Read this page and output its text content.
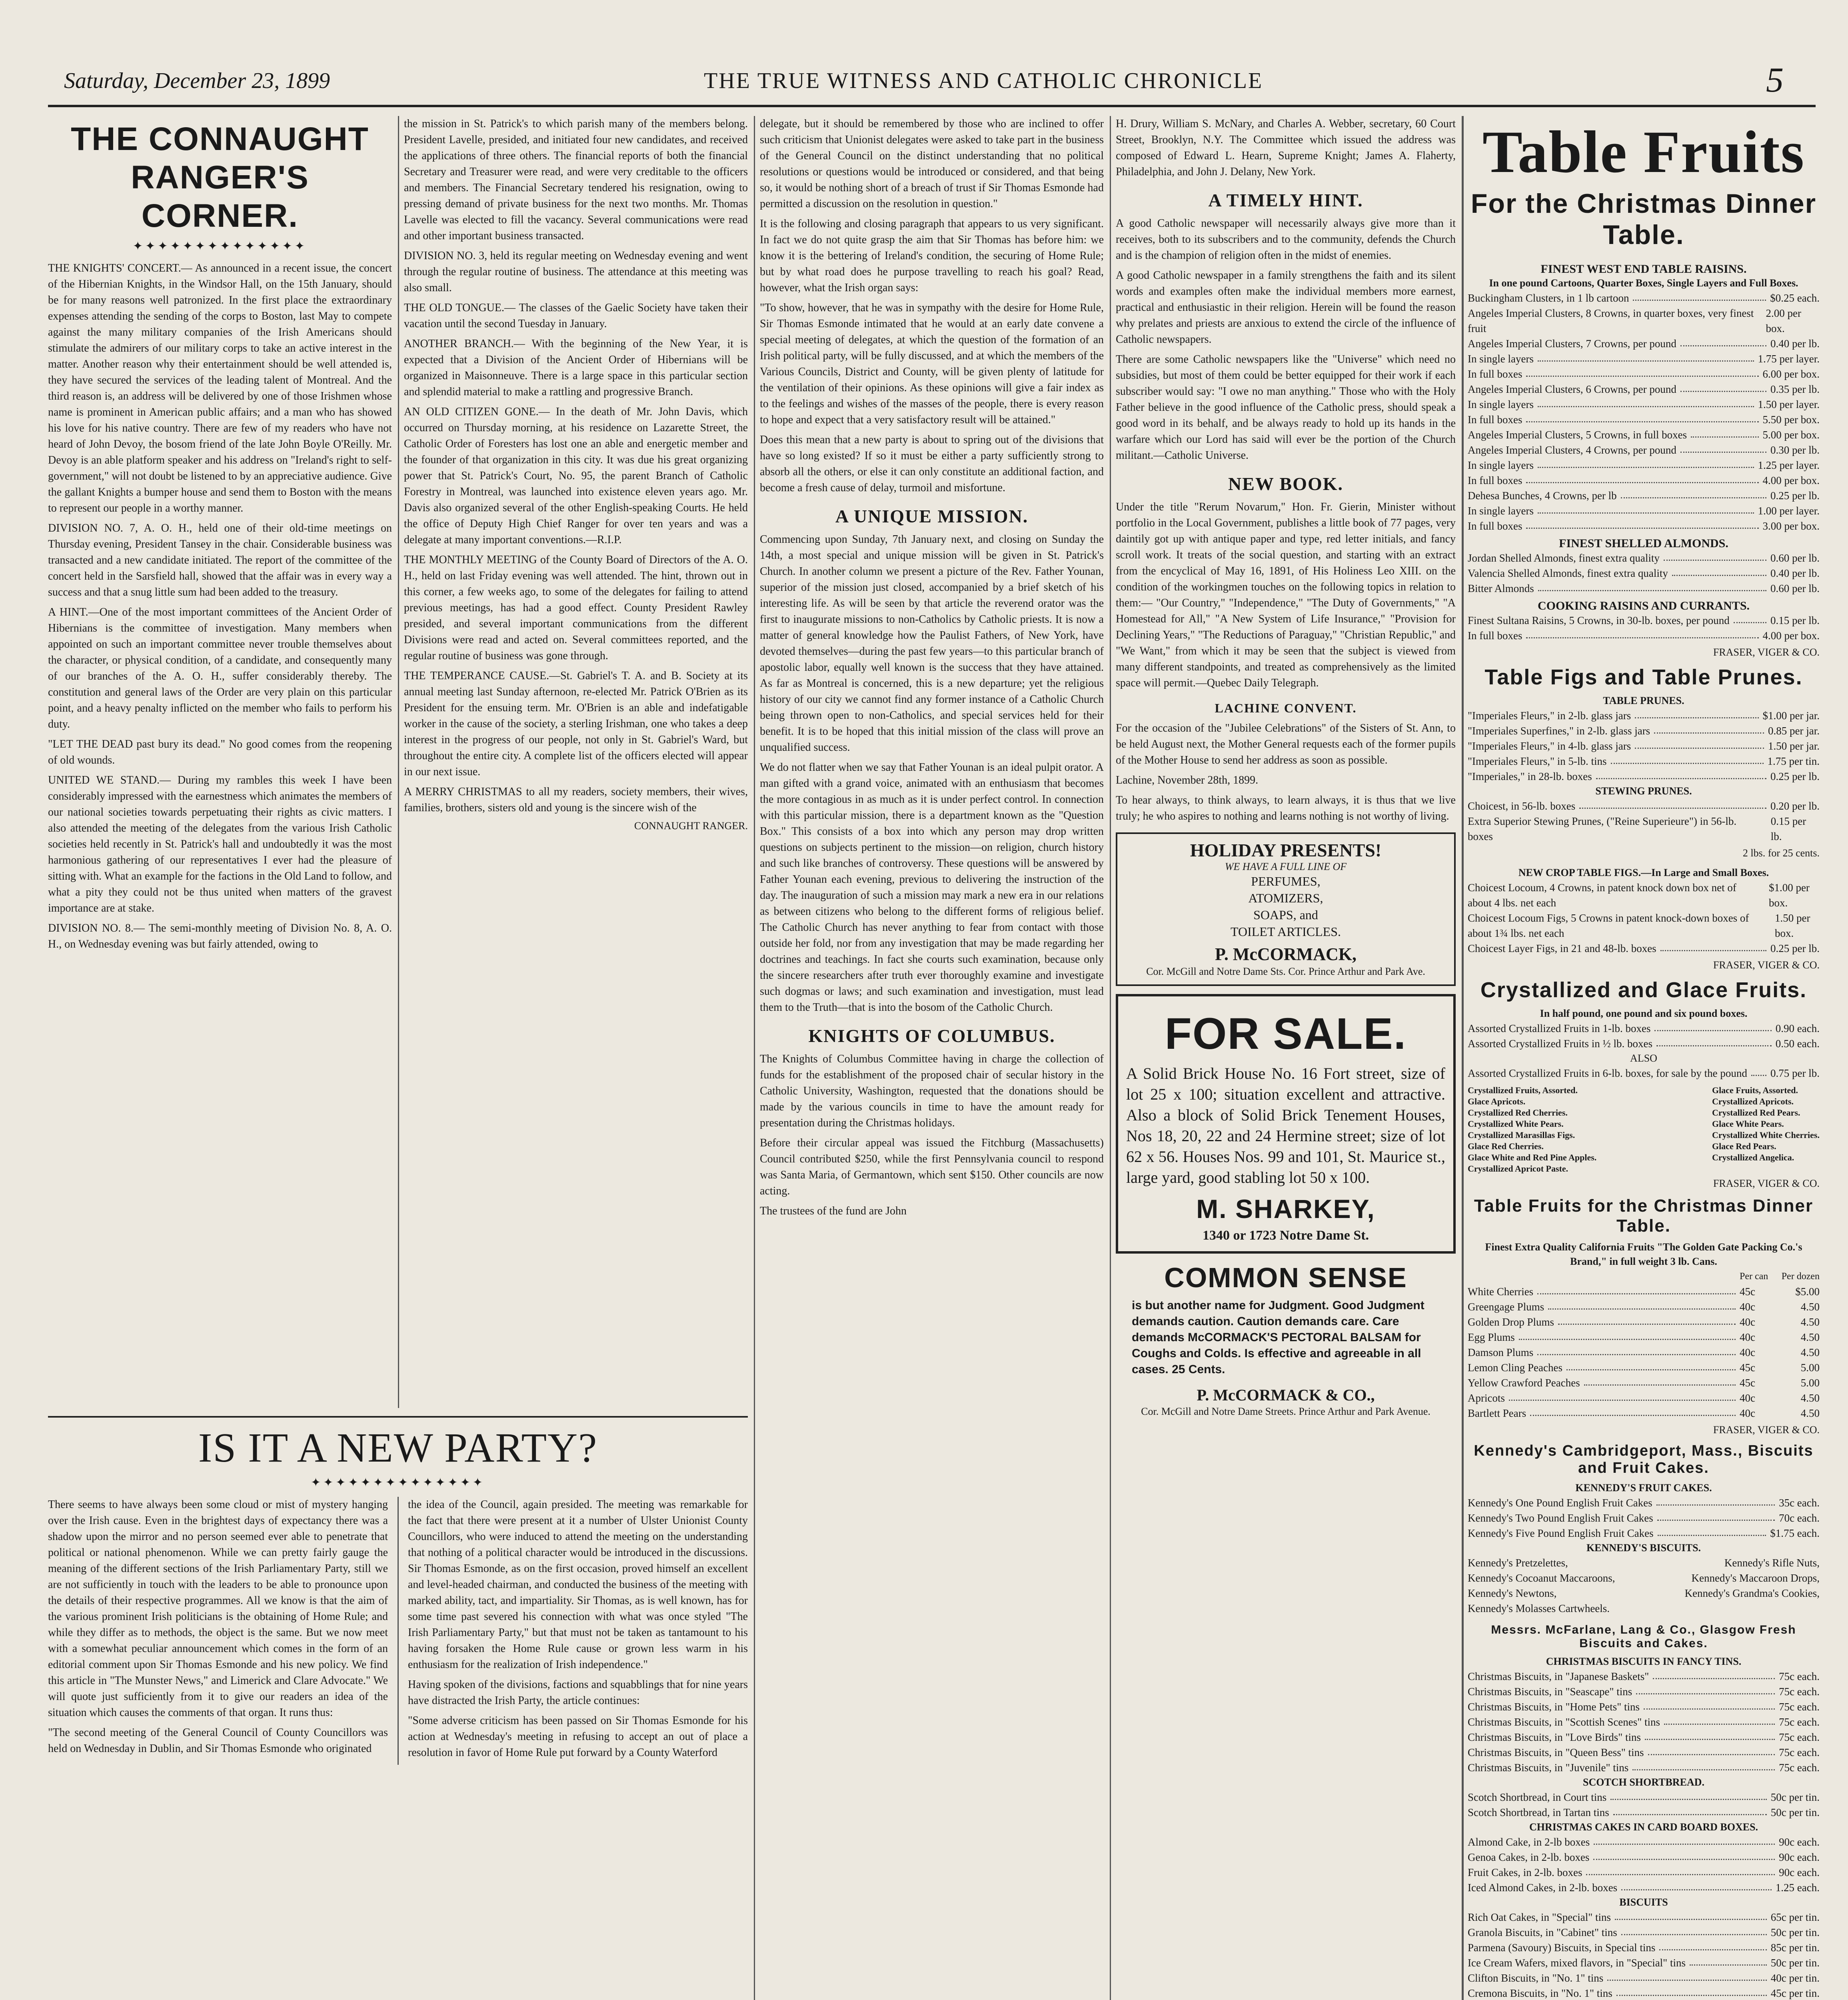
Saturday, December 23, 1899	THE TRUE WITNESS AND CATHOLIC CHRONICLE	5
THE CONNAUGHT RANGER'S CORNER.
✦✦✦✦✦✦✦✦✦✦✦✦✦✦

THE KNIGHTS' CONCERT.— As announced in a recent issue, the concert of the Hibernian Knights, in the Windsor Hall, on the 15th January, should be for many reasons well patronized. In the first place the extraordinary expenses attending the sending of the corps to Boston, last May to compete against the many military companies of the Irish Americans should stimulate the admirers of our military corps to take an active interest in the matter. Another reason why their entertainment should be well attended is, they have secured the services of the leading talent of Montreal. And the third reason is, an address will be delivered by one of those Irishmen whose name is prominent in American public affairs; and a man who has showed his love for his native country. There are few of my readers who have not heard of John Devoy, the bosom friend of the late John Boyle O'Reilly. Mr. Devoy is an able platform speaker and his address on "Ireland's right to self-government," will not doubt be listened to by an appreciative audience. Give the gallant Knights a bumper house and send them to Boston with the means to represent our people in a worthy manner.

DIVISION NO. 7, A. O. H., held one of their old-time meetings on Thursday evening, President Tansey in the chair. Considerable business was transacted and a new candidate initiated. The report of the committee of the concert held in the Sarsfield hall, showed that the affair was in every way a success and that a snug little sum had been added to the treasury.

A HINT.—One of the most important committees of the Ancient Order of Hibernians is the committee of investigation. Many members when appointed on such an important committee never trouble themselves about the character, or physical condition, of a candidate, and consequently many of our branches of the A. O. H., suffer considerably thereby. The constitution and general laws of the Order are very plain on this particular point, and a heavy penalty inflicted on the member who fails to perform his duty.

"LET THE DEAD past bury its dead." No good comes from the reopening of old wounds.

UNITED WE STAND.— During my rambles this week I have been considerably impressed with the earnestness which animates the members of our national societies towards perpetuating their rights as civic matters. I also attended the meeting of the delegates from the various Irish Catholic societies held recently in St. Patrick's hall and undoubtedly it was the most harmonious gathering of our representatives I ever had the pleasure of sitting with. What an example for the factions in the Old Land to follow, and what a pity they could not be thus united when matters of the gravest importance are at stake.

DIVISION NO. 8.— The semi-monthly meeting of Division No. 8, A. O. H., on Wednesday evening was but fairly attended, owing to

the mission in St. Patrick's to which parish many of the members belong. President Lavelle, presided, and initiated four new candidates, and received the applications of three others. The financial reports of both the financial Secretary and Treasurer were read, and were very creditable to the officers and members. The Financial Secretary tendered his resignation, owing to pressing demand of private business for the next two months. Mr. Thomas Lavelle was elected to fill the vacancy. Several communications were read and other important business transacted.

DIVISION NO. 3, held its regular meeting on Wednesday evening and went through the regular routine of business. The attendance at this meeting was also small.

THE OLD TONGUE.— The classes of the Gaelic Society have taken their vacation until the second Tuesday in January.

ANOTHER BRANCH.— With the beginning of the New Year, it is expected that a Division of the Ancient Order of Hibernians will be organized in Maisonneuve. There is a large space in this particular section and splendid material to make a rattling and progressive Branch.

AN OLD CITIZEN GONE.— In the death of Mr. John Davis, which occurred on Thursday morning, at his residence on Lazarette Street, the Catholic Order of Foresters has lost one an able and energetic member and the founder of that organization in this city. It was due his great organizing power that St. Patrick's Court, No. 95, the parent Branch of Catholic Forestry in Montreal, was launched into existence eleven years ago. Mr. Davis also organized several of the other English-speaking Courts. He held the office of Deputy High Chief Ranger for over ten years and was a delegate at many important conventions.—R.I.P.

THE MONTHLY MEETING of the County Board of Directors of the A. O. H., held on last Friday evening was well attended. The hint, thrown out in this corner, a few weeks ago, to some of the delegates for failing to attend previous meetings, has had a good effect. County President Rawley presided, and several important communications from the different Divisions were read and acted on. Several committees reported, and the regular routine of business was gone through.

THE TEMPERANCE CAUSE.—St. Gabriel's T. A. and B. Society at its annual meeting last Sunday afternoon, re-elected Mr. Patrick O'Brien as its President for the ensuing term. Mr. O'Brien is an able and indefatigable worker in the cause of the society, a sterling Irishman, one who takes a deep interest in the progress of our people, not only in St. Gabriel's Ward, but throughout the entire city. A complete list of the officers elected will appear in our next issue.

A MERRY CHRISTMAS to all my readers, society members, their wives, families, brothers, sisters old and young is the sincere wish of the

CONNAUGHT RANGER.
IS IT A NEW PARTY?
✦✦✦✦✦✦✦✦✦✦✦✦✦✦

There seems to have always been some cloud or mist of mystery hanging over the Irish cause. Even in the brightest days of expectancy there was a shadow upon the mirror and no person seemed ever able to penetrate that political or national phenomenon. While we can pretty fairly gauge the meaning of the different sections of the Irish Parliamentary Party, still we are not sufficiently in touch with the leaders to be able to pronounce upon the details of their respective programmes. All we know is that the aim of the various prominent Irish politicians is the obtaining of Home Rule; and while they differ as to methods, the object is the same. But we now meet with a somewhat peculiar announcement which comes in the form of an editorial comment upon Sir Thomas Esmonde and his new policy. We find this article in "The Munster News," and Limerick and Clare Advocate." We will quote just sufficiently from it to give our readers an idea of the situation which causes the comments of that organ. It runs thus:

"The second meeting of the General Council of County Councillors was held on Wednesday in Dublin, and Sir Thomas Esmonde who originated

the idea of the Council, again presided. The meeting was remarkable for the fact that there were present at it a number of Ulster Unionist County Councillors, who were induced to attend the meeting on the understanding that nothing of a political character would be introduced in the discussions. Sir Thomas Esmonde, as on the first occasion, proved himself an excellent and level-headed chairman, and conducted the business of the meeting with marked ability, tact, and impartiality. Sir Thomas, as is well known, has for some time past severed his connection with what was once styled "The Irish Parliamentary Party," but that must not be taken as tantamount to his having forsaken the Home Rule cause or grown less warm in his enthusiasm for the realization of Irish independence."

Having spoken of the divisions, factions and squabblings that for nine years have distracted the Irish Party, the article continues:

"Some adverse criticism has been passed on Sir Thomas Esmonde for his action at Wednesday's meeting in refusing to accept an out of place a resolution in favor of Home Rule put forward by a County Waterford

delegate, but it should be remembered by those who are inclined to offer such criticism that Unionist delegates were asked to take part in the business of the General Council on the distinct understanding that no political resolutions or questions would be introduced or considered, and that being so, it would be nothing short of a breach of trust if Sir Thomas Esmonde had permitted a discussion on the resolution in question."

It is the following and closing paragraph that appears to us very significant. In fact we do not quite grasp the aim that Sir Thomas has before him: we know it is the bettering of Ireland's condition, the securing of Home Rule; but by what road does he purpose travelling to reach his goal? Read, however, what the Irish organ says:

"To show, however, that he was in sympathy with the desire for Home Rule, Sir Thomas Esmonde intimated that he would at an early date convene a special meeting of delegates, at which the question of the formation of an Irish political party, will be fully discussed, and at which the members of the Various Councils, District and County, will be given plenty of latitude for the ventilation of their opinions. As these opinions will give a fair index as to the feelings and wishes of the masses of the people, there is every reason to hope and expect that a very satisfactory result will be attained."

Does this mean that a new party is about to spring out of the divisions that have so long existed? If so it must be either a party sufficiently strong to absorb all the others, or else it can only constitute an additional faction, and become a fresh cause of delay, turmoil and misfortune.

A UNIQUE MISSION.

Commencing upon Sunday, 7th January next, and closing on Sunday the 14th, a most special and unique mission will be given in St. Patrick's Church. In another column we present a picture of the Rev. Father Younan, superior of the mission just closed, accompanied by a brief sketch of his interesting life. As will be seen by that article the reverend orator was the first to inaugurate missions to non-Catholics by Catholic priests. It is now a matter of general knowledge how the Paulist Fathers, of New York, have devoted themselves—during the past few years—to this particular branch of apostolic labor, equally well known is the success that they have attained. As far as Montreal is concerned, this is a new departure; yet the religious history of our city we cannot find any former instance of a Catholic Church being thrown open to non-Catholics, and special services held for their benefit. It is to be hoped that this initial mission of the class will prove an unqualified success.

We do not flatter when we say that Father Younan is an ideal pulpit orator. A man gifted with a grand voice, animated with an enthusiasm that becomes the more contagious in as much as it is under perfect control. In connection with this particular mission, there is a department known as the "Question Box." This consists of a box into which any person may drop written questions on subjects pertinent to the mission—on religion, church history and such like branches of controversy. These questions will be answered by Father Younan each evening, previous to delivering the instruction of the day. The inauguration of such a mission may mark a new era in our relations as between citizens who belong to the different forms of religious belief. The Catholic Church has never anything to fear from contact with those outside her fold, nor from any investigation that may be made regarding her doctrines and teachings. In fact she courts such examination, because only the sincere researchers after truth ever thoroughly examine and investigate such dogmas or laws; and such examination and investigation, must lead them to the Truth—that is into the bosom of the Catholic Church.

KNIGHTS OF COLUMBUS.

The Knights of Columbus Committee having in charge the collection of funds for the establishment of the proposed chair of secular history in the Catholic University, Washington, requested that the donations should be made by the various councils in time to have the amount ready for presentation during the Christmas holidays.

Before their circular appeal was issued the Fitchburg (Massachusetts) Council contributed $250, while the first Pennsylvania council to respond was Santa Maria, of Germantown, which sent $150. Other councils are now acting.

The trustees of the fund are John

H. Drury, William S. McNary, and Charles A. Webber, secretary, 60 Court Street, Brooklyn, N.Y. The Committee which issued the address was composed of Edward L. Hearn, Supreme Knight; James A. Flaherty, Philadelphia, and John J. Delany, New York.

A TIMELY HINT.

A good Catholic newspaper will necessarily always give more than it receives, both to its subscribers and to the community, defends the Church and is the champion of religion often in the midst of enemies.

A good Catholic newspaper in a family strengthens the faith and its silent words and examples often make the individual members more earnest, practical and enthusiastic in their religion. Herein will be found the reason why prelates and priests are anxious to extend the circle of the influence of Catholic newspapers.

There are some Catholic newspapers like the "Universe" which need no subsidies, but most of them could be better equipped for their work if each subscriber would say: "I owe no man anything." Those who with the Holy Father believe in the good influence of the Catholic press, should speak a good word in its behalf, and be always ready to hold up its hands in the warfare which our Lord has said will ever be the portion of the Church militant.—Catholic Universe.

NEW BOOK.

Under the title "Rerum Novarum," Hon. Fr. Gierin, Minister without portfolio in the Local Government, publishes a little book of 77 pages, very daintily got up with antique paper and type, red letter initials, and fancy scroll work. It treats of the social question, and starting with an extract from the encyclical of May 16, 1891, of His Holiness Leo XIII. on the condition of the workingmen touches on the following topics in relation to them:— "Our Country," "Independence," "The Duty of Governments," "A Homestead for All," "A New System of Life Insurance," "Provision for Declining Years," "The Reductions of Paraguay," "Christian Republic," and "We Want," from which it may be seen that the subject is viewed from many different standpoints, and treated as comprehensively as the limited space will permit.—Quebec Daily Telegraph.

LACHINE CONVENT.

For the occasion of the "Jubilee Celebrations" of the Sisters of St. Ann, to be held August next, the Mother General requests each of the former pupils of the Mother House to send her address as soon as possible.

Lachine, November 28th, 1899.

To hear always, to think always, to learn always, it is thus that we live truly; he who aspires to nothing and learns nothing is not worthy of living.

HOLIDAY PRESENTS!
WE HAVE A FULL LINE OF
PERFUMES,
ATOMIZERS,
SOAPS, and
TOILET ARTICLES.
P. McCORMACK,
Cor. McGill and Notre Dame Sts. Cor. Prince Arthur and Park Ave.
FOR SALE.
A Solid Brick House No. 16 Fort street, size of lot 25 x 100; situation excellent and attractive. Also a block of Solid Brick Tenement Houses, Nos 18, 20, 22 and 24 Hermine street; size of lot 62 x 56. Houses Nos. 99 and 101, St. Maurice st., large yard, good stabling lot 50 x 100.
M. SHARKEY,
1340 or 1723 Notre Dame St.
COMMON SENSE
is but another name for Judgment. Good Judgment demands caution. Caution demands care. Care demands McCORMACK'S PECTORAL BALSAM for Coughs and Colds. Is effective and agreeable in all cases. 25 Cents.
P. McCORMACK & CO.,
Cor. McGill and Notre Dame Streets. Prince Arthur and Park Avenue.
Table Fruits
For the Christmas Dinner Table.
FINEST WEST END TABLE RAISINS.
In one pound Cartoons, Quarter Boxes, Single Layers and Full Boxes.
Buckingham Clusters, in 1 lb cartoon	$0.25 each.
Angeles Imperial Clusters, 8 Crowns, in quarter boxes, very finest fruit
2.00 per box.
Angeles Imperial Clusters, 7 Crowns, per pound	0.40 per lb.
In single layers	1.75 per layer.
In full boxes	6.00 per box.
Angeles Imperial Clusters, 6 Crowns, per pound	0.35 per lb.
In single layers	1.50 per layer.
In full boxes	5.50 per box.
Angeles Imperial Clusters, 5 Crowns, in full boxes	5.00 per box.
Angeles Imperial Clusters, 4 Crowns, per pound	0.30 per lb.
In single layers	1.25 per layer.
In full boxes	4.00 per box.
Dehesa Bunches, 4 Crowns, per lb	0.25 per lb.
In single layers	1.00 per layer.
In full boxes	3.00 per box.
FINEST SHELLED ALMONDS.
Jordan Shelled Almonds, finest extra quality	0.60 per lb.
Valencia Shelled Almonds, finest extra quality	0.40 per lb.
Bitter Almonds	0.60 per lb.
COOKING RAISINS AND CURRANTS.
Finest Sultana Raisins, 5 Crowns, in 30-lb. boxes, per pound	0.15 per lb.
In full boxes	4.00 per box.
FRASER, VIGER & CO.
Table Figs and Table Prunes.
TABLE PRUNES.
"Imperiales Fleurs," in 2-lb. glass jars	$1.00 per jar.
"Imperiales Superfines," in 2-lb. glass jars	0.85 per jar.
"Imperiales Fleurs," in 4-lb. glass jars	1.50 per jar.
"Imperiales Fleurs," in 5-lb. tins	1.75 per tin.
"Imperiales," in 28-lb. boxes	0.25 per lb.
STEWING PRUNES.
Choicest, in 56-lb. boxes	0.20 per lb.
Extra Superior Stewing Prunes, ("Reine Superieure") in 56-lb. boxes
0.15 per lb.
2 lbs. for 25 cents.
NEW CROP TABLE FIGS.—In Large and Small Boxes.
Choicest Locoum, 4 Crowns, in patent knock down box net of about 4 lbs. net each
$1.00 per box.
Choicest Locoum Figs, 5 Crowns in patent knock-down boxes of about 1¾ lbs. net each
1.50 per box.
Choicest Layer Figs, in 21 and 48-lb. boxes	0.25 per lb.
FRASER, VIGER & CO.
Crystallized and Glace Fruits.
In half pound, one pound and six pound boxes.
Assorted Crystallized Fruits in 1-lb. boxes	0.90 each.
Assorted Crystallized Fruits in ½ lb. boxes	0.50 each.
ALSO
Assorted Crystallized Fruits in 6-lb. boxes, for sale by the pound 0.75 per lb.
Crystallized Fruits, Assorted.
Glace Apricots.
Crystallized Red Cherries.
Crystallized White Pears.
Crystallized Marasillas Figs.
Glace Red Cherries.
Glace White and Red Pine Apples.
Crystallized Apricot Paste.
Glace Fruits, Assorted.
Crystallized Apricots.
Crystallized Red Pears.
Glace White Pears.
Crystallized White Cherries.
Glace Red Pears.
Crystallized Angelica.
FRASER, VIGER & CO.
Table Fruits for the Christmas Dinner Table.
Finest Extra Quality California Fruits "The Golden Gate Packing Co.'s Brand," in full weight 3 lb. Cans.
Per can Per dozen
White Cherries	45c	$5.00
Greengage Plums	40c	4.50
Golden Drop Plums	40c	4.50
Egg Plums	40c	4.50
Damson Plums	40c	4.50
Lemon Cling Peaches	45c	5.00
Yellow Crawford Peaches	45c	5.00
Apricots	40c	4.50
Bartlett Pears	40c	4.50
FRASER, VIGER & CO.
Kennedy's Cambridgeport, Mass., Biscuits and Fruit Cakes.
KENNEDY'S FRUIT CAKES.
Kennedy's One Pound English Fruit Cakes	35c each.
Kennedy's Two Pound English Fruit Cakes	70c each.
Kennedy's Five Pound English Fruit Cakes	$1.75 each.
KENNEDY'S BISCUITS.
Kennedy's Pretzelettes,	Kennedy's Rifle Nuts,
Kennedy's Cocoanut Maccaroons,	Kennedy's Maccaroon Drops,
Kennedy's Newtons,	Kennedy's Grandma's Cookies,
Kennedy's Molasses Cartwheels.
Messrs. McFarlane, Lang & Co., Glasgow Fresh Biscuits and Cakes.
CHRISTMAS BISCUITS IN FANCY TINS.
Christmas Biscuits, in "Japanese Baskets"	75c each.
Christmas Biscuits, in "Seascape" tins	75c each.
Christmas Biscuits, in "Home Pets" tins	75c each.
Christmas Biscuits, in "Scottish Scenes" tins	75c each.
Christmas Biscuits, in "Love Birds" tins	75c each.
Christmas Biscuits, in "Queen Bess" tins	75c each.
Christmas Biscuits, in "Juvenile" tins	75c each.
SCOTCH SHORTBREAD.
Scotch Shortbread, in Court tins	50c per tin.
Scotch Shortbread, in Tartan tins	50c per tin.
CHRISTMAS CAKES IN CARD BOARD BOXES.
Almond Cake, in 2-lb boxes	90c each.
Genoa Cakes, in 2-lb. boxes	90c each.
Fruit Cakes, in 2-lb. boxes	90c each.
Iced Almond Cakes, in 2-lb. boxes	1.25 each.
BISCUITS
Rich Oat Cakes, in "Special" tins	65c per tin.
Granola Biscuits, in "Cabinet" tins	50c per tin.
Parmena (Savoury) Biscuits, in Special tins	85c per tin.
Ice Cream Wafers, mixed flavors, in "Special" tins	50c per tin.
Clifton Biscuits, in "No. 1" tins	40c per tin.
Cremona Biscuits, in "No. 1" tins	45c per tin.
